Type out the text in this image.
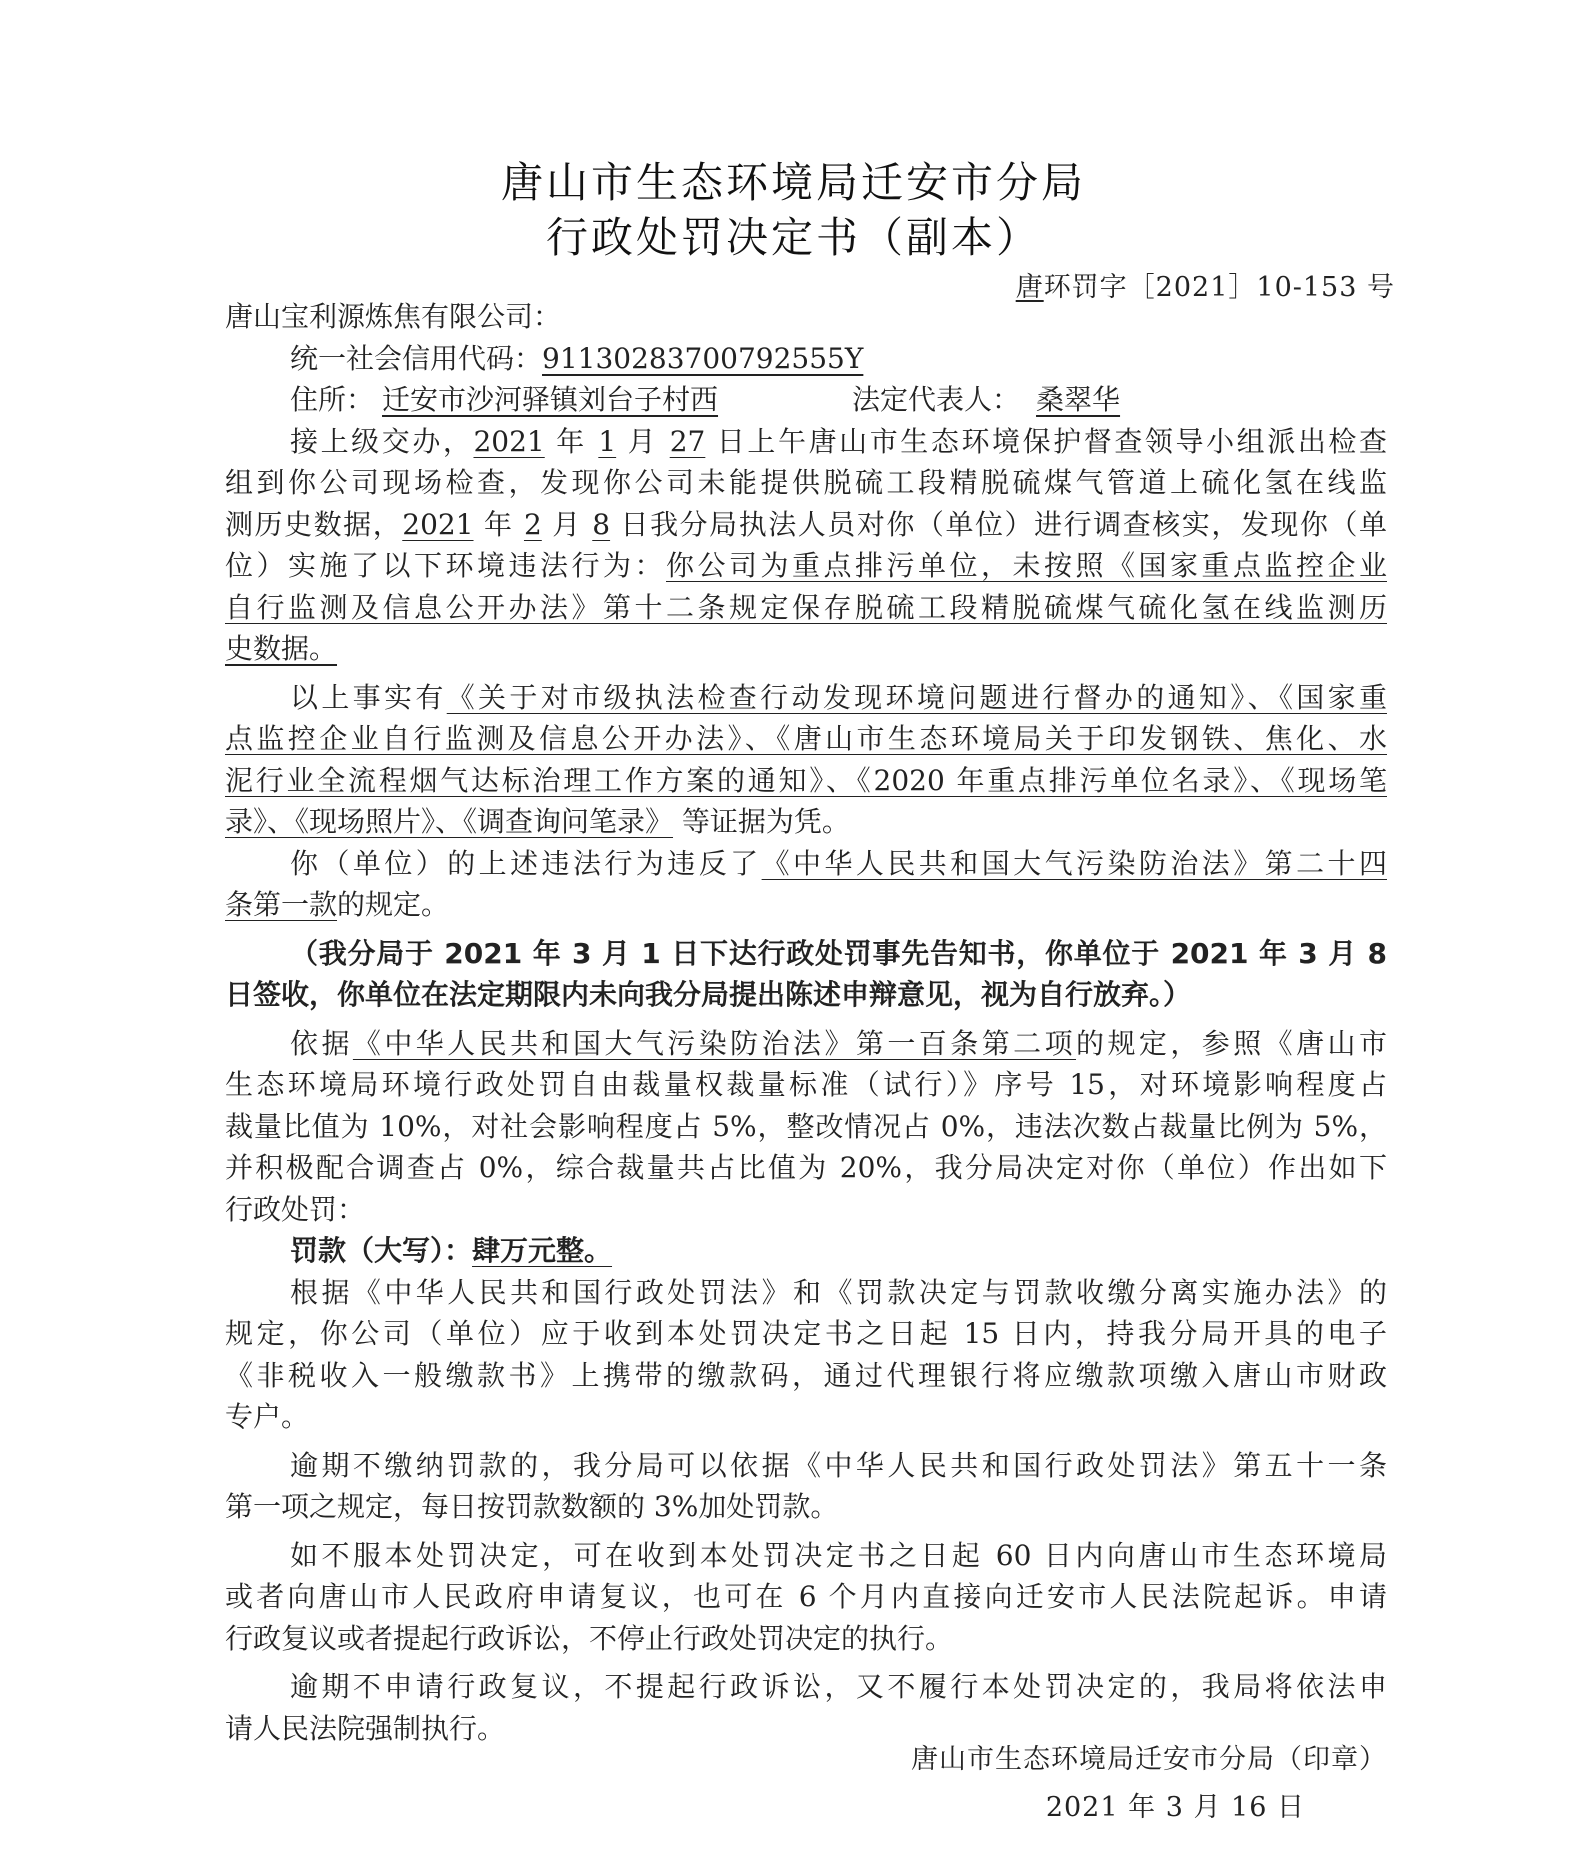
唐山市生态环境局迁安市分局
行政处罚决定书（副本）
唐环罚字［2021］10-153 号
唐山宝利源炼焦有限公司：
统一社会信用代码：91130283700792555Y
住所： 迁安市沙河驿镇刘台子村西	法定代表人： 桑翠华
接上级交办，2021 年 1 月 27 日上午唐山市生态环境保护督查领导小组派出检查
组到你公司现场检查，发现你公司未能提供脱硫工段精脱硫煤气管道上硫化氢在线监
测历史数据，2021 年 2 月 8 日我分局执法人员对你（单位）进行调查核实，发现你（单
位）实施了以下环境违法行为：你公司为重点排污单位，未按照《国家重点监控企业
自行监测及信息公开办法》第十二条规定保存脱硫工段精脱硫煤气硫化氢在线监测历
史数据。
以上事实有《关于对市级执法检查行动发现环境问题进行督办的通知》、《国家重
点监控企业自行监测及信息公开办法》、《唐山市生态环境局关于印发钢铁、焦化、水
泥行业全流程烟气达标治理工作方案的通知》、《2020 年重点排污单位名录》、《现场笔
录》、《现场照片》、《调查询问笔录》 等证据为凭。
你（单位）的上述违法行为违反了《中华人民共和国大气污染防治法》第二十四
条第一款的规定。
（我分局于 2021 年 3 月 1 日下达行政处罚事先告知书，你单位于 2021 年 3 月 8
日签收，你单位在法定期限内未向我分局提出陈述申辩意见，视为自行放弃。）
依据《中华人民共和国大气污染防治法》第一百条第二项的规定，参照《唐山市
生态环境局环境行政处罚自由裁量权裁量标准（试行）》序号 15，对环境影响程度占
裁量比值为 10%，对社会影响程度占 5%，整改情况占 0%，违法次数占裁量比例为 5%，
并积极配合调查占 0%，综合裁量共占比值为 20%，我分局决定对你（单位）作出如下
行政处罚：
罚款（大写）：肆万元整。
根据《中华人民共和国行政处罚法》和《罚款决定与罚款收缴分离实施办法》的
规定，你公司（单位）应于收到本处罚决定书之日起 15 日内，持我分局开具的电子
《非税收入一般缴款书》上携带的缴款码，通过代理银行将应缴款项缴入唐山市财政
专户。
逾期不缴纳罚款的，我分局可以依据《中华人民共和国行政处罚法》第五十一条
第一项之规定，每日按罚款数额的 3%加处罚款。
如不服本处罚决定，可在收到本处罚决定书之日起 60 日内向唐山市生态环境局
或者向唐山市人民政府申请复议，也可在 6 个月内直接向迁安市人民法院起诉。申请
行政复议或者提起行政诉讼，不停止行政处罚决定的执行。
逾期不申请行政复议，不提起行政诉讼，又不履行本处罚决定的，我局将依法申
请人民法院强制执行。
唐山市生态环境局迁安市分局（印章）
2021 年 3 月 16 日
